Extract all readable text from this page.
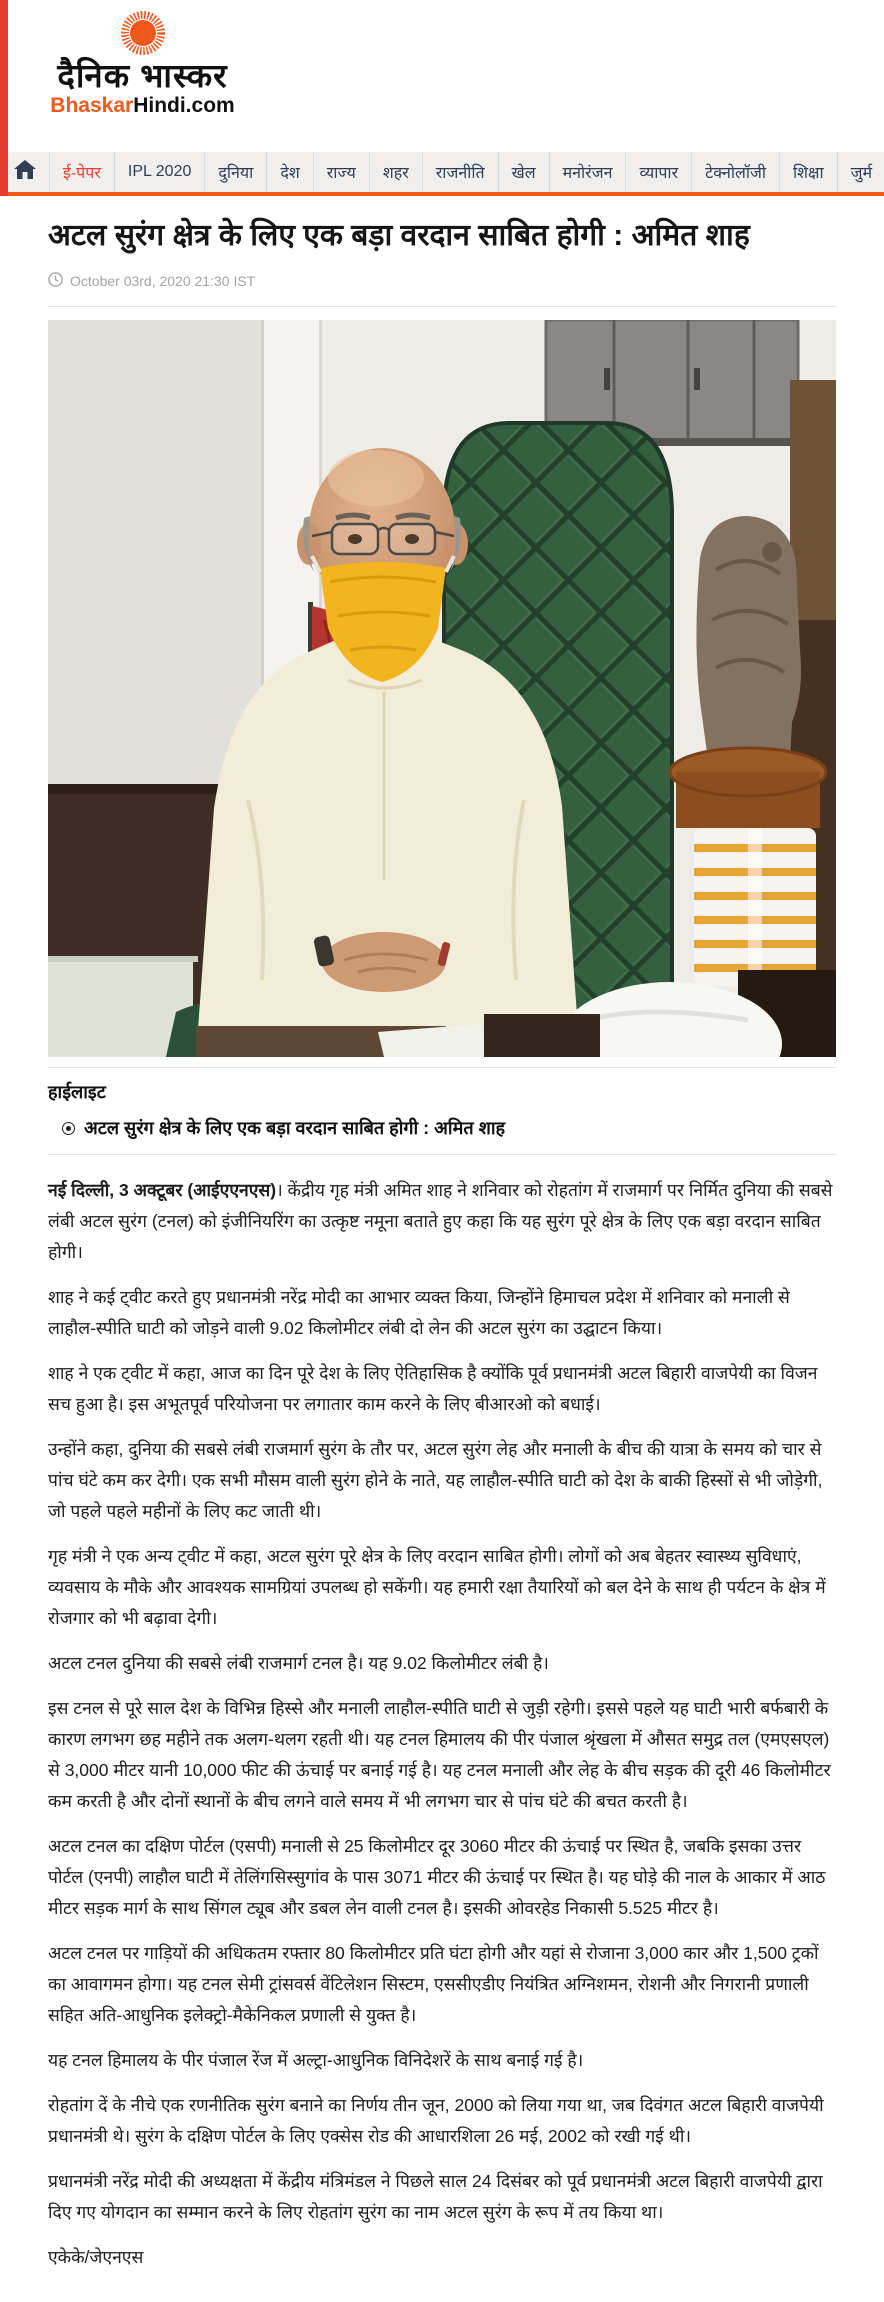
दैनिक भास्कर
BhaskarHindi.com
ई-पेपर	IPL 2020	दुनिया	देश	राज्य	शहर	राजनीति	खेल	मनोरंजन	व्यापार	टेक्नोलॉजी	शिक्षा	जुर्म
अटल सुरंग क्षेत्र के लिए एक बड़ा वरदान साबित होगी : अमित शाह
October 03rd, 2020 21:30 IST
हाईलाइट
अटल सुरंग क्षेत्र के लिए एक बड़ा वरदान साबित होगी : अमित शाह

नई दिल्ली, 3 अक्टूबर (आईएएनएस)। केंद्रीय गृह मंत्री अमित शाह ने शनिवार को रोहतांग में राजमार्ग पर निर्मित दुनिया की सबसे लंबी अटल सुरंग (टनल) को इंजीनियरिंग का उत्कृष्ट नमूना बताते हुए कहा कि यह सुरंग पूरे क्षेत्र के लिए एक बड़ा वरदान साबित होगी।

शाह ने कई ट्वीट करते हुए प्रधानमंत्री नरेंद्र मोदी का आभार व्यक्त किया, जिन्होंने हिमाचल प्रदेश में शनिवार को मनाली से लाहौल-स्पीति घाटी को जोड़ने वाली 9.02 किलोमीटर लंबी दो लेन की अटल सुरंग का उद्घाटन किया।

शाह ने एक ट्वीट में कहा, आज का दिन पूरे देश के लिए ऐतिहासिक है क्योंकि पूर्व प्रधानमंत्री अटल बिहारी वाजपेयी का विजन सच हुआ है। इस अभूतपूर्व परियोजना पर लगातार काम करने के लिए बीआरओ को बधाई।

उन्होंने कहा, दुनिया की सबसे लंबी राजमार्ग सुरंग के तौर पर, अटल सुरंग लेह और मनाली के बीच की यात्रा के समय को चार से पांच घंटे कम कर देगी। एक सभी मौसम वाली सुरंग होने के नाते, यह लाहौल-स्पीति घाटी को देश के बाकी हिस्सों से भी जोड़ेगी, जो पहले पहले महीनों के लिए कट जाती थी।

गृह मंत्री ने एक अन्य ट्वीट में कहा, अटल सुरंग पूरे क्षेत्र के लिए वरदान साबित होगी। लोगों को अब बेहतर स्वास्थ्य सुविधाएं, व्यवसाय के मौके और आवश्यक सामग्रियां उपलब्ध हो सकेंगी। यह हमारी रक्षा तैयारियों को बल देने के साथ ही पर्यटन के क्षेत्र में रोजगार को भी बढ़ावा देगी।

अटल टनल दुनिया की सबसे लंबी राजमार्ग टनल है। यह 9.02 किलोमीटर लंबी है।

इस टनल से पूरे साल देश के विभिन्न हिस्से और मनाली लाहौल-स्पीति घाटी से जुड़ी रहेगी। इससे पहले यह घाटी भारी बर्फबारी के कारण लगभग छह महीने तक अलग-थलग रहती थी। यह टनल हिमालय की पीर पंजाल श्रृंखला में औसत समुद्र तल (एमएसएल) से 3,000 मीटर यानी 10,000 फीट की ऊंचाई पर बनाई गई है। यह टनल मनाली और लेह के बीच सड़क की दूरी 46 किलोमीटर कम करती है और दोनों स्थानों के बीच लगने वाले समय में भी लगभग चार से पांच घंटे की बचत करती है।

अटल टनल का दक्षिण पोर्टल (एसपी) मनाली से 25 किलोमीटर दूर 3060 मीटर की ऊंचाई पर स्थित है, जबकि इसका उत्तर पोर्टल (एनपी) लाहौल घाटी में तेलिंगसिस्सुगांव के पास 3071 मीटर की ऊंचाई पर स्थित है। यह घोड़े की नाल के आकार में आठ मीटर सड़क मार्ग के साथ सिंगल ट्यूब और डबल लेन वाली टनल है। इसकी ओवरहेड निकासी 5.525 मीटर है।

अटल टनल पर गाड़ियों की अधिकतम रफ्तार 80 किलोमीटर प्रति घंटा होगी और यहां से रोजाना 3,000 कार और 1,500 ट्रकों का आवागमन होगा। यह टनल सेमी ट्रांसवर्स वेंटिलेशन सिस्टम, एससीएडीए नियंत्रित अग्निशमन, रोशनी और निगरानी प्रणाली सहित अति-आधुनिक इलेक्ट्रो-मैकेनिकल प्रणाली से युक्त है।

यह टनल हिमालय के पीर पंजाल रेंज में अल्ट्रा-आधुनिक विनिदेशरें के साथ बनाई गई है।

रोहतांग दें के नीचे एक रणनीतिक सुरंग बनाने का निर्णय तीन जून, 2000 को लिया गया था, जब दिवंगत अटल बिहारी वाजपेयी प्रधानमंत्री थे। सुरंग के दक्षिण पोर्टल के लिए एक्सेस रोड की आधारशिला 26 मई, 2002 को रखी गई थी।

प्रधानमंत्री नरेंद्र मोदी की अध्यक्षता में केंद्रीय मंत्रिमंडल ने पिछले साल 24 दिसंबर को पूर्व प्रधानमंत्री अटल बिहारी वाजपेयी द्वारा दिए गए योगदान का सम्मान करने के लिए रोहतांग सुरंग का नाम अटल सुरंग के रूप में तय किया था।

एकेके/जेएनएस
